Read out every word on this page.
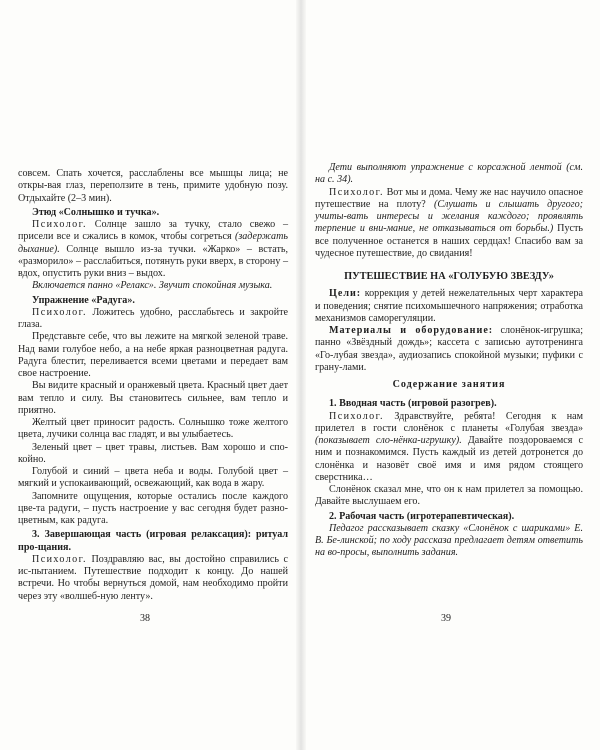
совсем. Спать хочется, расслаблены все мышцы лица; не откры-вая глаз, переползите в тень, примите удобную позу. Отдыхайте (2–3 мин).

Этюд «Солнышко и тучка».

Психолог. Солнце зашло за тучку, стало свежо – присели все и сжались в комок, чтобы согреться (задержать дыхание). Солнце вышло из-за тучки. «Жарко» – встать, «разморило» – расслабиться, потянуть руки вверх, в сторону – вдох, опустить руки вниз – выдох.

Включается панно «Релакс». Звучит спокойная музыка.

Упражнение «Радуга».

Психолог. Ложитесь удобно, расслабьтесь и закройте глаза.

Представьте себе, что вы лежите на мягкой зеленой траве. Над вами голубое небо, а на небе яркая разноцветная радуга. Радуга блестит, переливается всеми цветами и передает вам свое настроение.

Вы видите красный и оранжевый цвета. Красный цвет дает вам тепло и силу. Вы становитесь сильнее, вам тепло и приятно.

Желтый цвет приносит радость. Солнышко тоже желтого цвета, лучики солнца вас гладят, и вы улыбаетесь.

Зеленый цвет – цвет травы, листьев. Вам хорошо и спо-койно.

Голубой и синий – цвета неба и воды. Голубой цвет – мягкий и успокаивающий, освежающий, как вода в жару.

Запомните ощущения, которые остались после каждого цве-та радуги, – пусть настроение у вас сегодня будет разно-цветным, как радуга.

3. Завершающая часть (игровая релаксация): ритуал про-щания.

Психолог. Поздравляю вас, вы достойно справились с ис-пытанием. Путешествие подходит к концу. До нашей встречи. Но чтобы вернуться домой, нам необходимо пройти через эту «волшеб-ную ленту».

38

Дети выполняют упражнение с корсажной лентой (см. на с. 34).

Психолог. Вот мы и дома. Чему же нас научило опасное путешествие на плоту? (Слушать и слышать другого; учиты-вать интересы и желания каждого; проявлять терпение и вни-мание, не отказываться от борьбы.) Пусть все полученное останется в наших сердцах! Спасибо вам за чудесное путешествие, до свидания!

ПУТЕШЕСТВИЕ НА «ГОЛУБУЮ ЗВЕЗДУ»

Цели: коррекция у детей нежелательных черт характера и поведения; снятие психомышечного напряжения; отработка механизмов саморегуляции.

Материалы и оборудование: слонёнок-игрушка; панно «Звёздный дождь»; кассета с записью аутотренинга «Го-лубая звезда», аудиозапись спокойной музыки; пуфики с грану-лами.

Содержание занятия

1. Вводная часть (игровой разогрев).

Психолог. Здравствуйте, ребята! Сегодня к нам прилетел в гости слонёнок с планеты «Голубая звезда» (показывает сло-нёнка-игрушку). Давайте поздороваемся с ним и познакомимся. Пусть каждый из детей дотронется до слонёнка и назовёт своё имя и имя рядом стоящего сверстника…

Слонёнок сказал мне, что он к нам прилетел за помощью. Давайте выслушаем его.

2. Рабочая часть (игротерапевтическая).

Педагог рассказывает сказку «Слонёнок с шариками» Е. В. Бе-линской; по ходу рассказа предлагает детям ответить на во-просы, выполнить задания.

39
